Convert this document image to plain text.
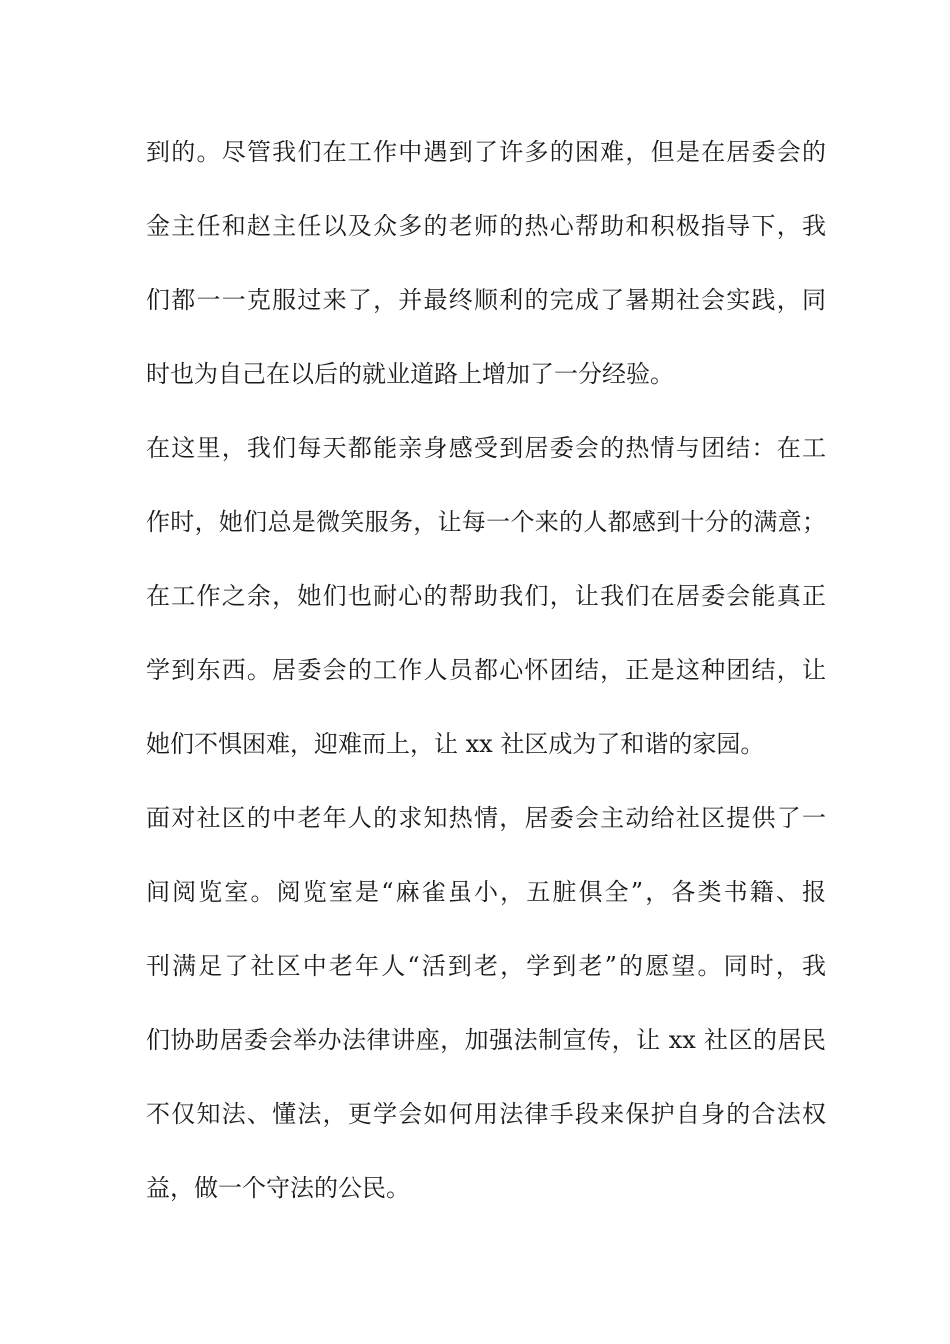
到的。尽管我们在工作中遇到了许多的困难，但是在居委会的
金主任和赵主任以及众多的老师的热心帮助和积极指导下，我
们都一一克服过来了，并最终顺利的完成了暑期社会实践，同
时也为自己在以后的就业道路上增加了一分经验。
在这里，我们每天都能亲身感受到居委会的热情与团结：在工
作时，她们总是微笑服务，让每一个来的人都感到十分的满意；
在工作之余，她们也耐心的帮助我们，让我们在居委会能真正
学到东西。居委会的工作人员都心怀团结，正是这种团结，让
她们不惧困难，迎难而上，让 xx 社区成为了和谐的家园。
面对社区的中老年人的求知热情，居委会主动给社区提供了一
间阅览室。阅览室是“麻雀虽小，五脏俱全”，各类书籍、报
刊满足了社区中老年人“活到老，学到老”的愿望。同时，我
们协助居委会举办法律讲座，加强法制宣传，让 xx 社区的居民
不仅知法、懂法，更学会如何用法律手段来保护自身的合法权
益，做一个守法的公民。
